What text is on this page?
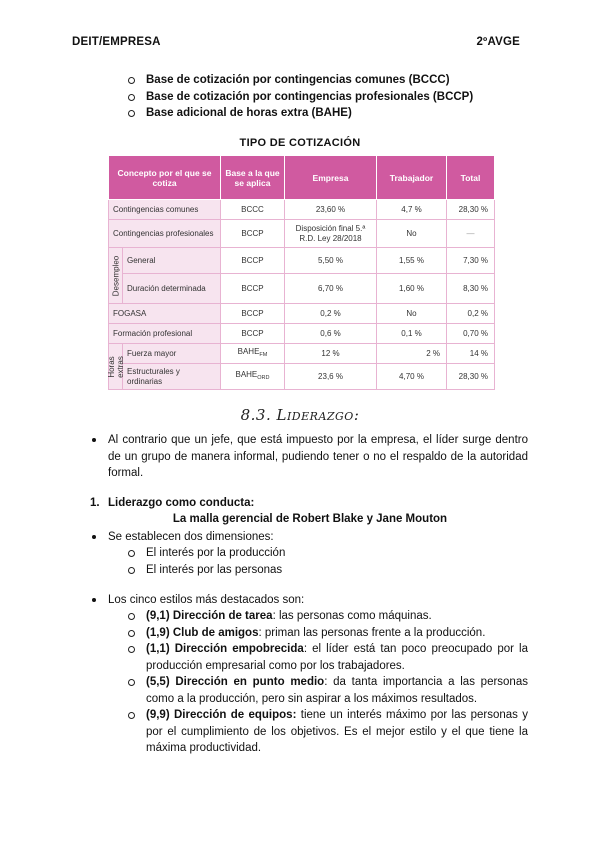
DEIT/EMPRESA	2ºAVGE
Base de cotización por contingencias comunes (BCCC)
Base de cotización por contingencias profesionales (BCCP)
Base adicional de horas extra (BAHE)
TIPO DE COTIZACIÓN
Concepto por el que se cotiza		Base a la que se aplica	Empresa	Trabajador	Total
Contingencias comunes		BCCC	23,60 %	4,7 %	28,30 %
Contingencias profesionales		BCCP	Disposición final 5.ª R.D. Ley 28/2018	No	—

Desempleo	General	BCCP	5,50 %	1,55 %	7,30 %
	Duración determinada	BCCP	6,70 %	1,60 %	8,30 %
FOGASA		BCCP	0,2 %	No	0,2 %
Formación profesional		BCCP	0,6 %	0,1 %	0,70 %

Horas extras	Fuerza mayor	$BAHE_{FM}$	12 %	2 %	14 %
	Estructurales y ordinarias	$BAHE_{ORD}$	23,6 %	4,70 %	28,30 %
8.3. Liderazgo:
Al contrario que un jefe, que está impuesto por la empresa, el líder surge dentro de un grupo de manera informal, pudiendo tener o no el respaldo de la autoridad formal.
1. Liderazgo como conducta:
La malla gerencial de Robert Blake y Jane Mouton
Se establecen dos dimensiones:
El interés por la producción
El interés por las personas
Los cinco estilos más destacados son:
(9,1) Dirección de tarea: las personas como máquinas.
(1,9) Club de amigos: priman las personas frente a la producción.
(1,1) Dirección empobrecida: el líder está tan poco preocupado por la producción empresarial como por los trabajadores.
(5,5) Dirección en punto medio: da tanta importancia a las personas como a la producción, pero sin aspirar a los máximos resultados.
(9,9) Dirección de equipos: tiene un interés máximo por las personas y por el cumplimiento de los objetivos. Es el mejor estilo y el que tiene la máxima productividad.
